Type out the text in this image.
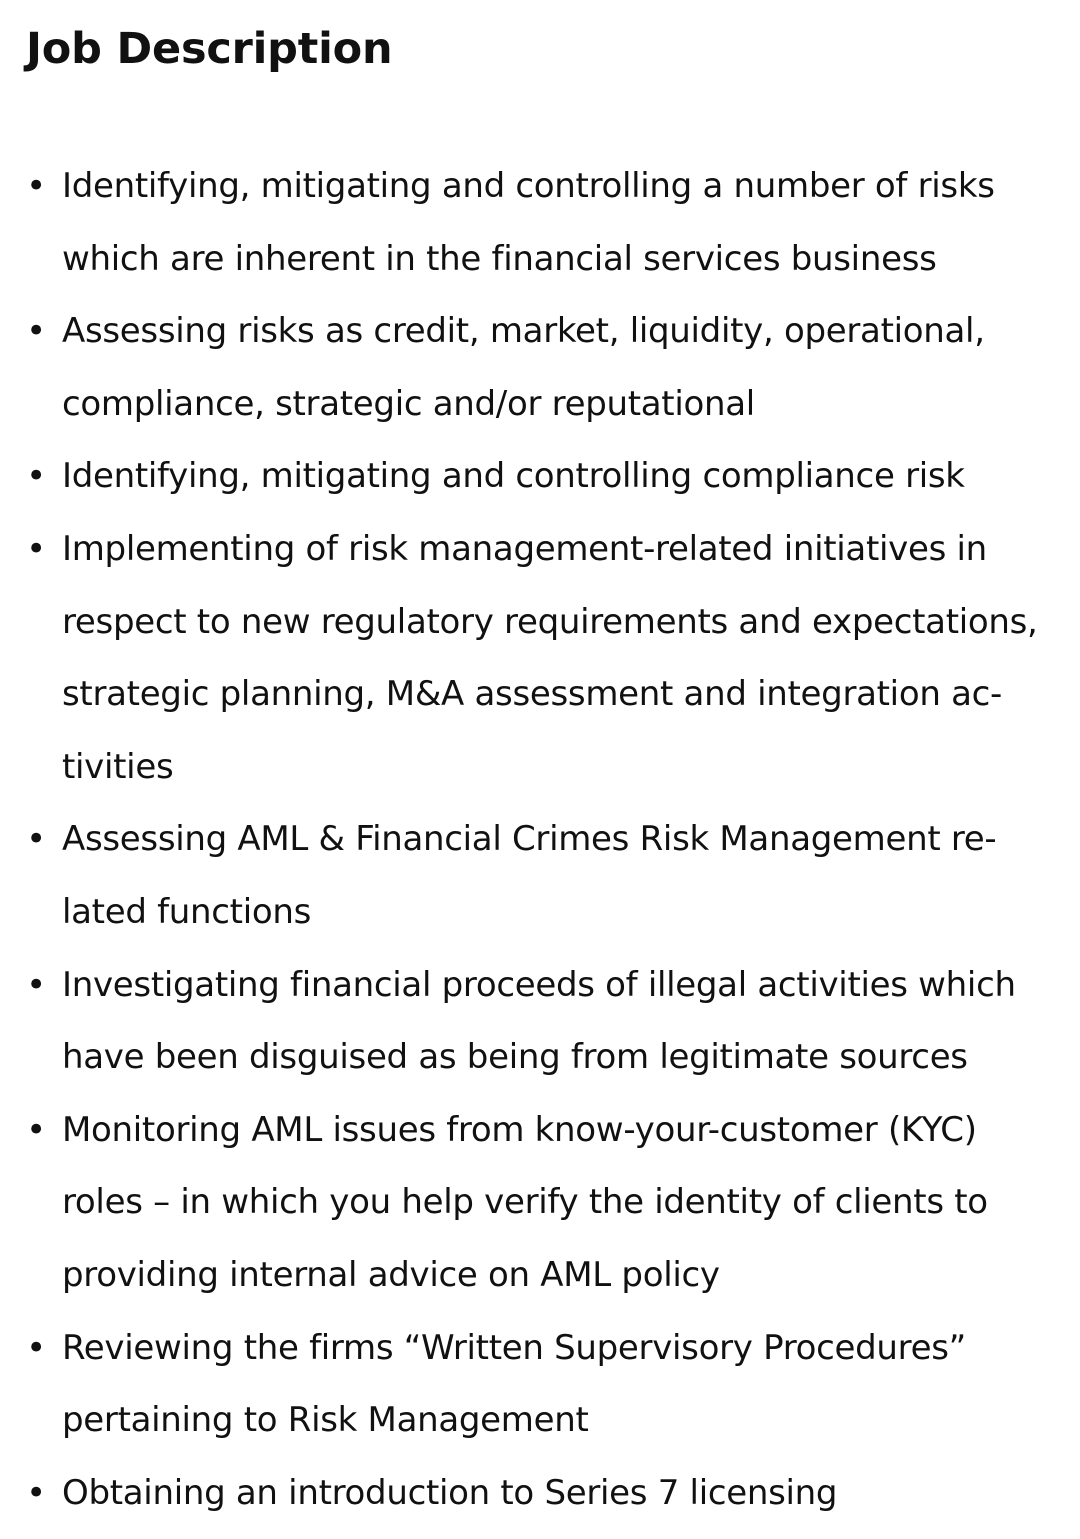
Job Description
• Identifying, mitigating and controlling a number of risks
which are inherent in the financial services business
• Assessing risks as credit, market, liquidity, operational,
compliance, strategic and/or reputational
• Identifying, mitigating and controlling compliance risk
• Implementing of risk management-related initiatives in
respect to new regulatory requirements and expectations,
strategic planning, M&A assessment and integration ac-
tivities
• Assessing AML & Financial Crimes Risk Management re-
lated functions
• Investigating financial proceeds of illegal activities which
have been disguised as being from legitimate sources
• Monitoring AML issues from know-your-customer (KYC)
roles – in which you help verify the identity of clients to
providing internal advice on AML policy
• Reviewing the firms “Written Supervisory Procedures”
pertaining to Risk Management
• Obtaining an introduction to Series 7 licensing
